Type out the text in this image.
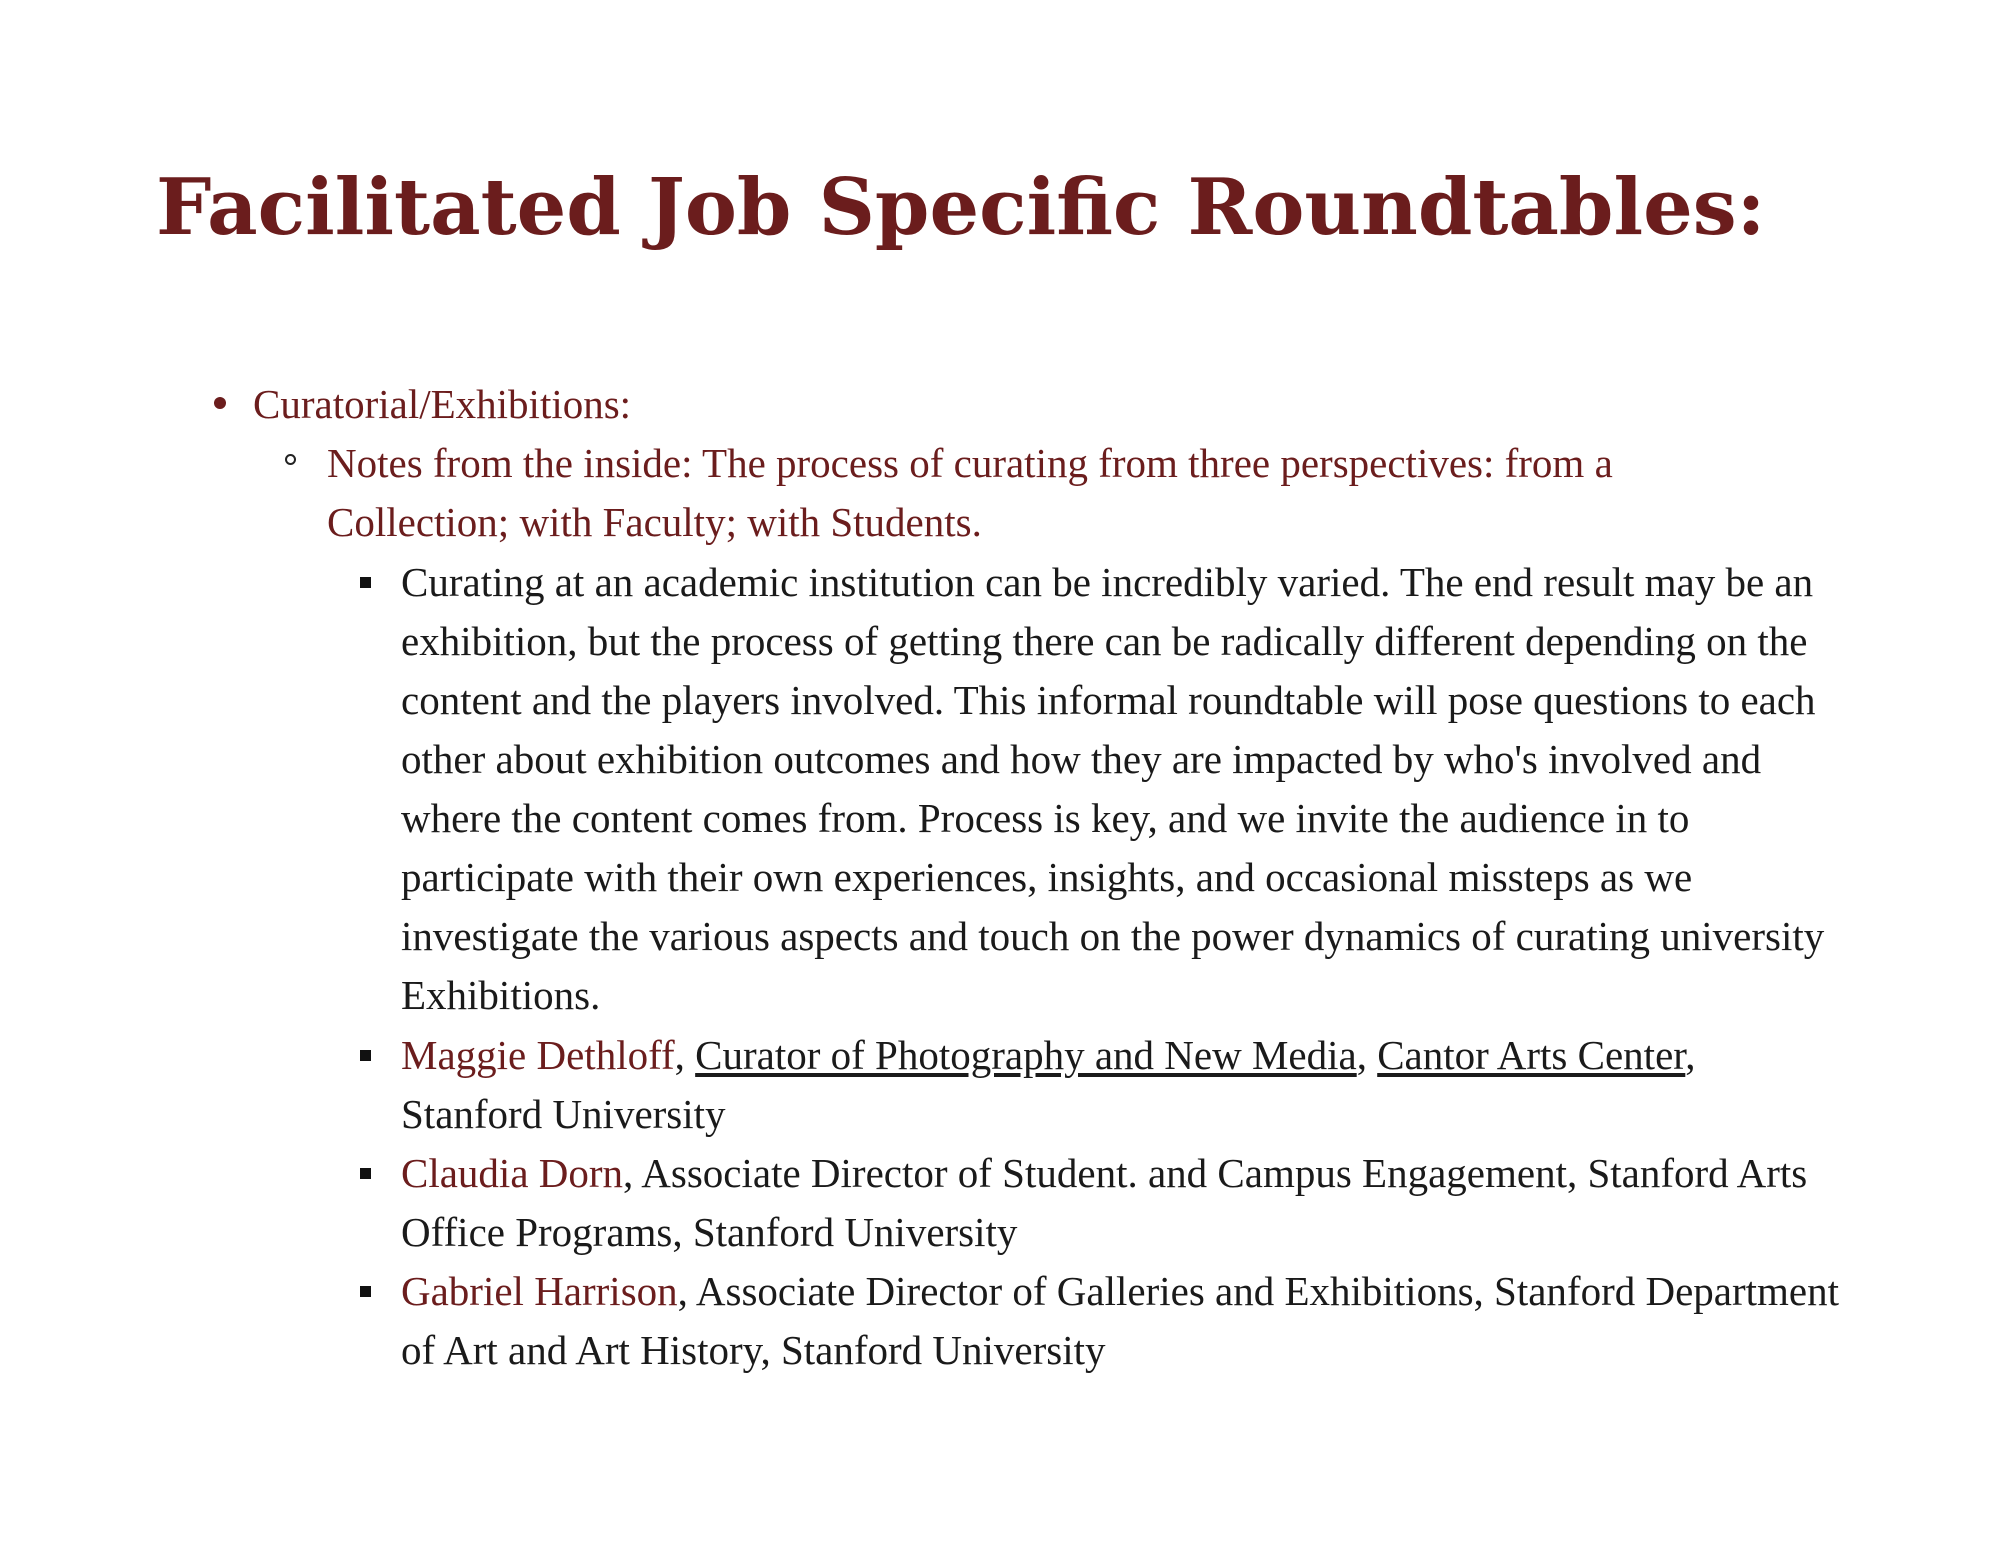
Facilitated Job Specific Roundtables:
Curatorial/Exhibitions:
Notes from the inside: The process of curating from three perspectives: from a Collection; with Faculty; with Students.
Curating at an academic institution can be incredibly varied. The end result may be an exhibition, but the process of getting there can be radically different depending on the content and the players involved. This informal roundtable will pose questions to each other about exhibition outcomes and how they are impacted by who's involved and where the content comes from. Process is key, and we invite the audience in to participate with their own experiences, insights, and occasional missteps as we investigate the various aspects and touch on the power dynamics of curating university Exhibitions.
Maggie Dethloff, Curator of Photography and New Media, Cantor Arts Center, Stanford University
Claudia Dorn, Associate Director of Student. and Campus Engagement, Stanford Arts Office Programs, Stanford University
Gabriel Harrison, Associate Director of Galleries and Exhibitions, Stanford Department of Art and Art History, Stanford University
